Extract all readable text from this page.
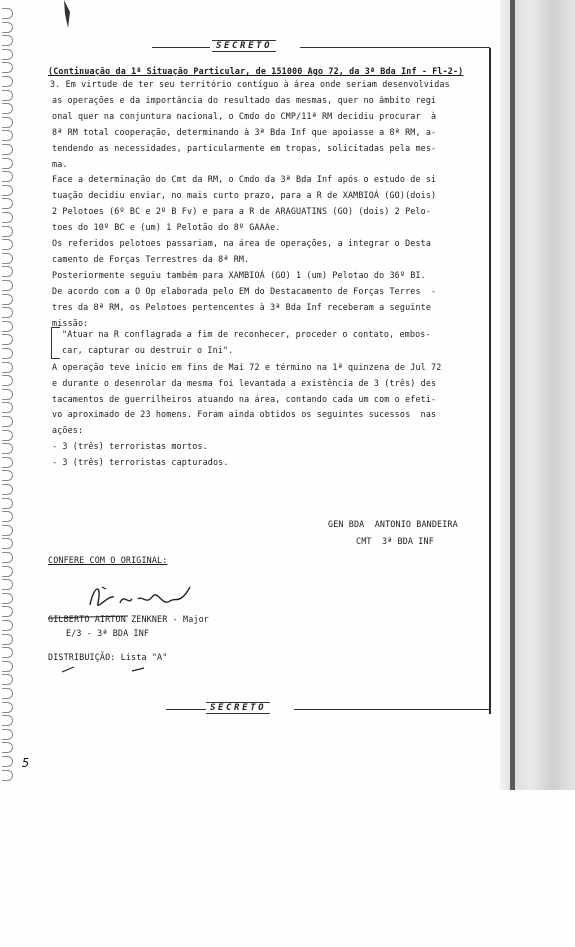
SECRETO
(Continuação da 1ª Situação Particular, de 151000 Ago 72, da 3ª Bda Inf - Fl-2-)
3. Em virtude de ter seu território contíguo à área onde seriam desenvolvidas
as operações e da importância do resultado das mesmas, quer no âmbito regi
onal quer na conjuntura nacional, o Cmdo do CMP/11ª RM decidiu procurar  à
8ª RM total cooperação, determinando à 3ª Bda Inf que apoiasse a 8ª RM, a-
tendendo as necessidades, particularmente em tropas, solicitadas pela mes-
ma.
Face a determinação do Cmt da RM, o Cmdo da 3ª Bda Inf após o estudo de si
tuação decidiu enviar, no mais curto prazo, para a R de XAMBIOÁ (GO)(dois)
2 Pelotoes (6º BC e 2º B Fv) e para a R de ARAGUATINS (GO) (dois) 2 Pelo-
toes do 10º BC e (um) 1 Pelotão do 8º GAAAe.
Os referidos pelotoes passariam, na área de operações, a integrar o Desta
camento de Forças Terrestres da 8ª RM.
Posteriormente seguiu também para XAMBIOÁ (GO) 1 (um) Pelotao do 36º BI.
De acordo com a O Op elaborada pelo EM do Destacamento de Forças Terres  -
tres da 8ª RM, os Pelotoes pertencentes à 3ª Bda Inf receberam a seguinte
missão:
"Atuar na R conflagrada a fim de reconhecer, proceder o contato, embos-
car, capturar ou destruir o Ini".
A operação teve início em fins de Mai 72 e término na 1ª quinzena de Jul 72
e durante o desenrolar da mesma foi levantada a existência de 3 (três) des
tacamentos de guerrilheiros atuando na área, contando cada um com o efeti-
vo aproximado de 23 homens. Foram ainda obtidos os seguintes sucessos  nas
ações:
- 3 (três) terroristas mortos.
- 3 (três) terroristas capturados.
GEN BDA  ANTONIO BANDEIRA
CMT  3ª BDA INF
CONFERE COM O ORIGINAL:
GILBERTO AIRTON ZENKNER - Major
E/3 - 3ª BDA INF
DISTRIBUIÇÃO: Lista "A"
SECRETO
5
